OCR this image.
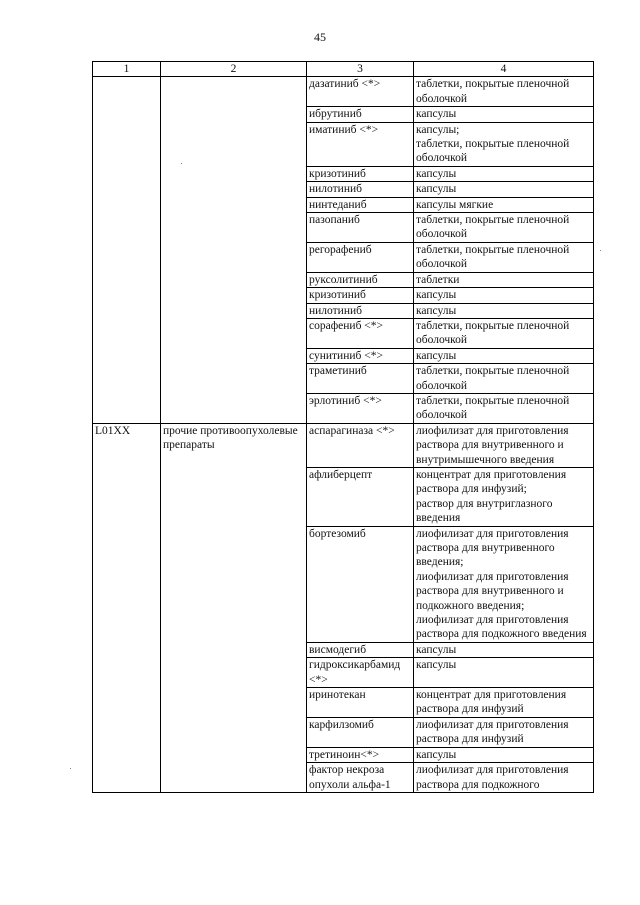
45
1	2	3	4
		дазатиниб <*>	таблетки, покрытые пленочной оболочкой
		ибрутиниб	капсулы
		иматиниб <*>	капсулы;
таблетки, покрытые пленочной оболочкой
		кризотиниб	капсулы
		нилотиниб	капсулы
		нинтеданиб	капсулы мягкие
		пазопаниб	таблетки, покрытые пленочной оболочкой
		регорафениб	таблетки, покрытые пленочной оболочкой
		руксолитиниб	таблетки
		кризотиниб	капсулы
		нилотиниб	капсулы
		сорафениб <*>	таблетки, покрытые пленочной оболочкой
		сунитиниб <*>	капсулы
		траметиниб	таблетки, покрытые пленочной оболочкой
		эрлотиниб <*>	таблетки, покрытые пленочной оболочкой
L01XX	прочие противоопухолевые препараты	аспарагиназа <*>	лиофилизат для приготовления раствора для внутривенного и внутримышечного введения
		афлиберцепт	концентрат для приготовления раствора для инфузий;
раствор для внутриглазного введения
		бортезомиб	лиофилизат для приготовления раствора для внутривенного введения;
лиофилизат для приготовления раствора для внутривенного и подкожного введения;
лиофилизат для приготовления раствора для подкожного введения
		висмодегиб	капсулы
		гидроксикарбамид <*>	капсулы
		иринотекан	концентрат для приготовления раствора для инфузий
		карфилзомиб	лиофилизат для приготовления раствора для инфузий
		третиноин<*>	капсулы
		фактор некроза опухоли альфа-1	лиофилизат для приготовления раствора для подкожного
